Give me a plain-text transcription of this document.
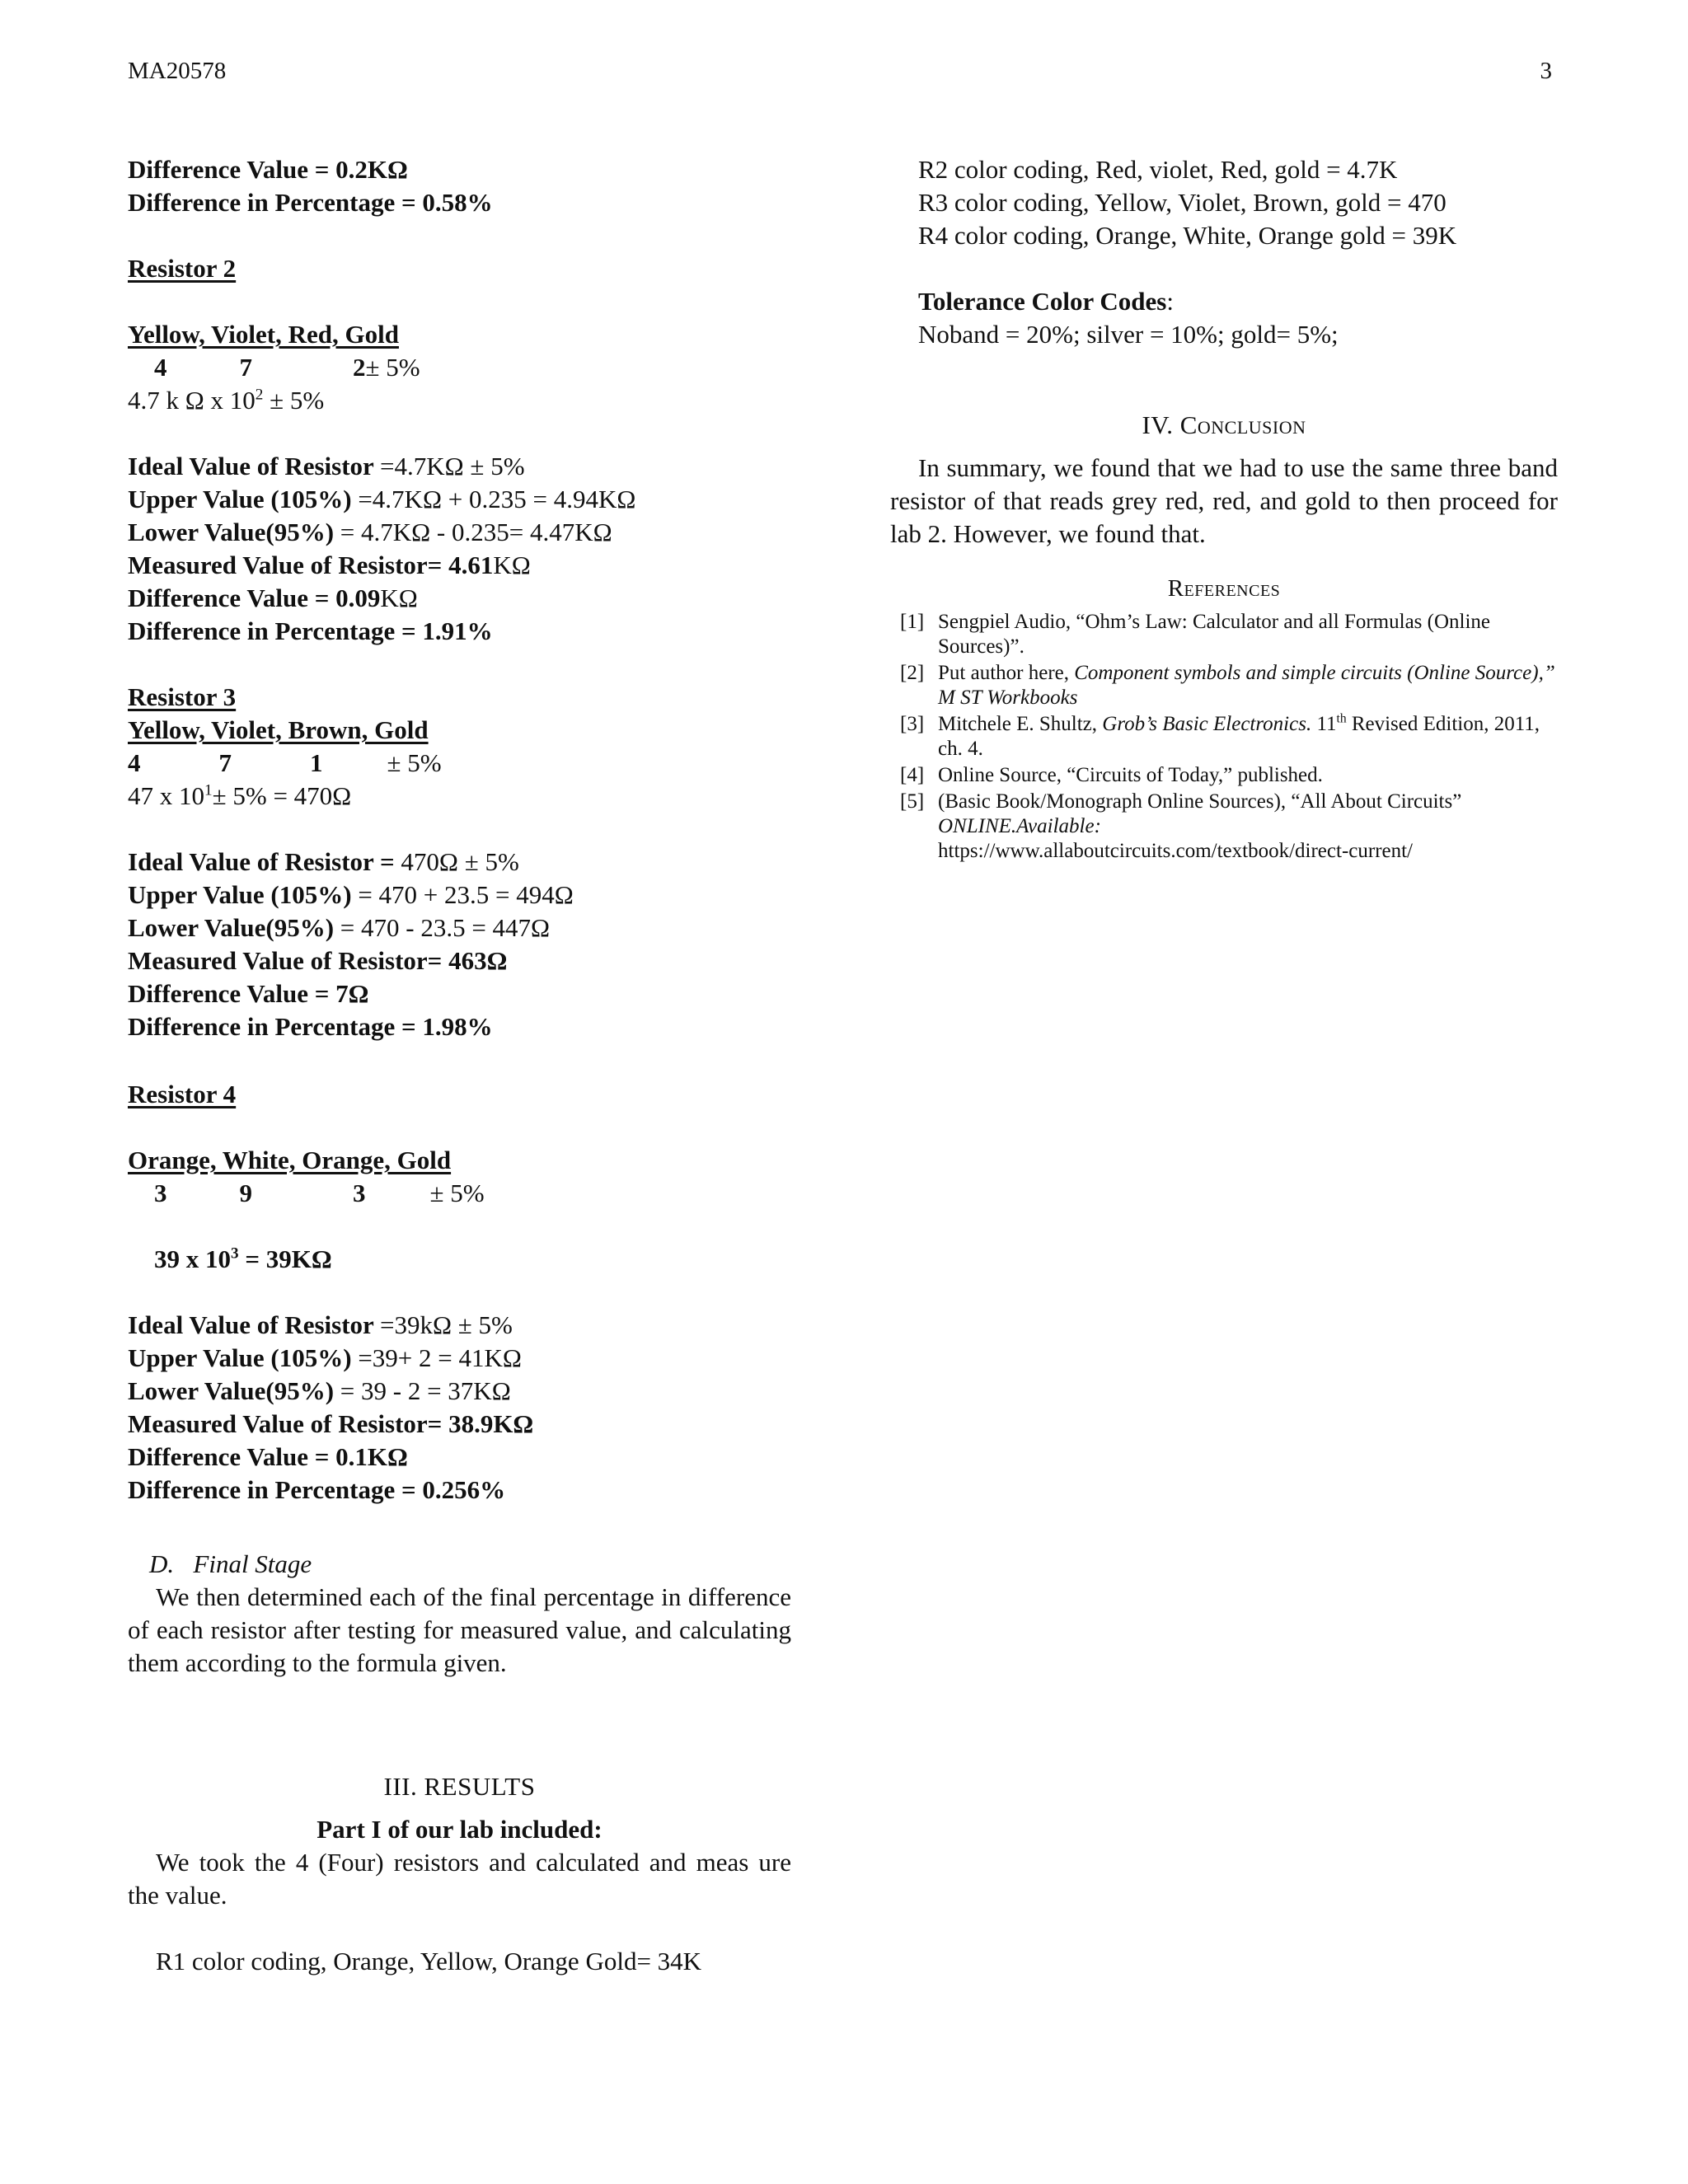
MA20578	3
Difference Value = 0.2KΩ
Difference in Percentage = 0.58%
Resistor 2
Yellow, Violet, Red, Gold
4	7	2± 5%
4.7 k Ω x $10^2 \pm 5\%$
Ideal Value of Resistor =4.7KΩ ± 5%
Upper Value (105%) =4.7KΩ + 0.235 = 4.94KΩ
Lower Value(95%) = 4.7KΩ - 0.235= 4.47KΩ
Measured Value of Resistor= 4.61KΩ
Difference Value = 0.09KΩ
Difference in Percentage = 1.91%
Resistor 3
Yellow, Violet, Brown, Gold
4	7	1	± 5%
47 x $10^1\pm 5\% = 470\Omega$
Ideal Value of Resistor = 470Ω ± 5%
Upper Value (105%) = 470 + 23.5 = 494Ω
Lower Value(95%) = 470 - 23.5 = 447Ω
Measured Value of Resistor= 463Ω
Difference Value = 7Ω
Difference in Percentage = 1.98%
Resistor 4
Orange, White, Orange, Gold
3	9	3	± 5%
39 x $10^3 = 39K\Omega$
Ideal Value of Resistor =39kΩ ± 5%
Upper Value (105%) =39+ 2 = 41KΩ
Lower Value(95%) = 39 - 2 = 37KΩ
Measured Value of Resistor= 38.9KΩ
Difference Value = 0.1KΩ
Difference in Percentage = 0.256%
D. Final Stage
We then determined each of the final percentage in difference of each resistor after testing for measured value, and calculating them according to the formula given.
III. RESULTS
Part I of our lab included:
We took the 4 (Four) resistors and calculated and meas ure the value.
R1 color coding, Orange, Yellow, Orange Gold= 34K
R2 color coding, Red, violet, Red, gold = 4.7K
R3 color coding, Yellow, Violet, Brown, gold = 470
R4 color coding, Orange, White, Orange gold = 39K
Tolerance Color Codes:
Noband = 20%; silver = 10%; gold= 5%;
IV. Conclusion
In summary, we found that we had to use the same three band resistor of that reads grey red, red, and gold to then proceed for lab 2. However, we found that.
References
[1] Sengpiel Audio, “Ohm’s Law: Calculator and all Formulas (Online Sources)”.
[2] Put author here, Component symbols and simple circuits (Online Source),” M ST Workbooks
[3] Mitchele E. Shultz, Grob’s Basic Electronics. 11th Revised Edition, 2011, ch. 4.
[4] Online Source, “Circuits of Today,” published.
[5] (Basic Book/Monograph Online Sources), “All About Circuits”
ONLINE.Available:
https://www.allaboutcircuits.com/textbook/direct-current/
